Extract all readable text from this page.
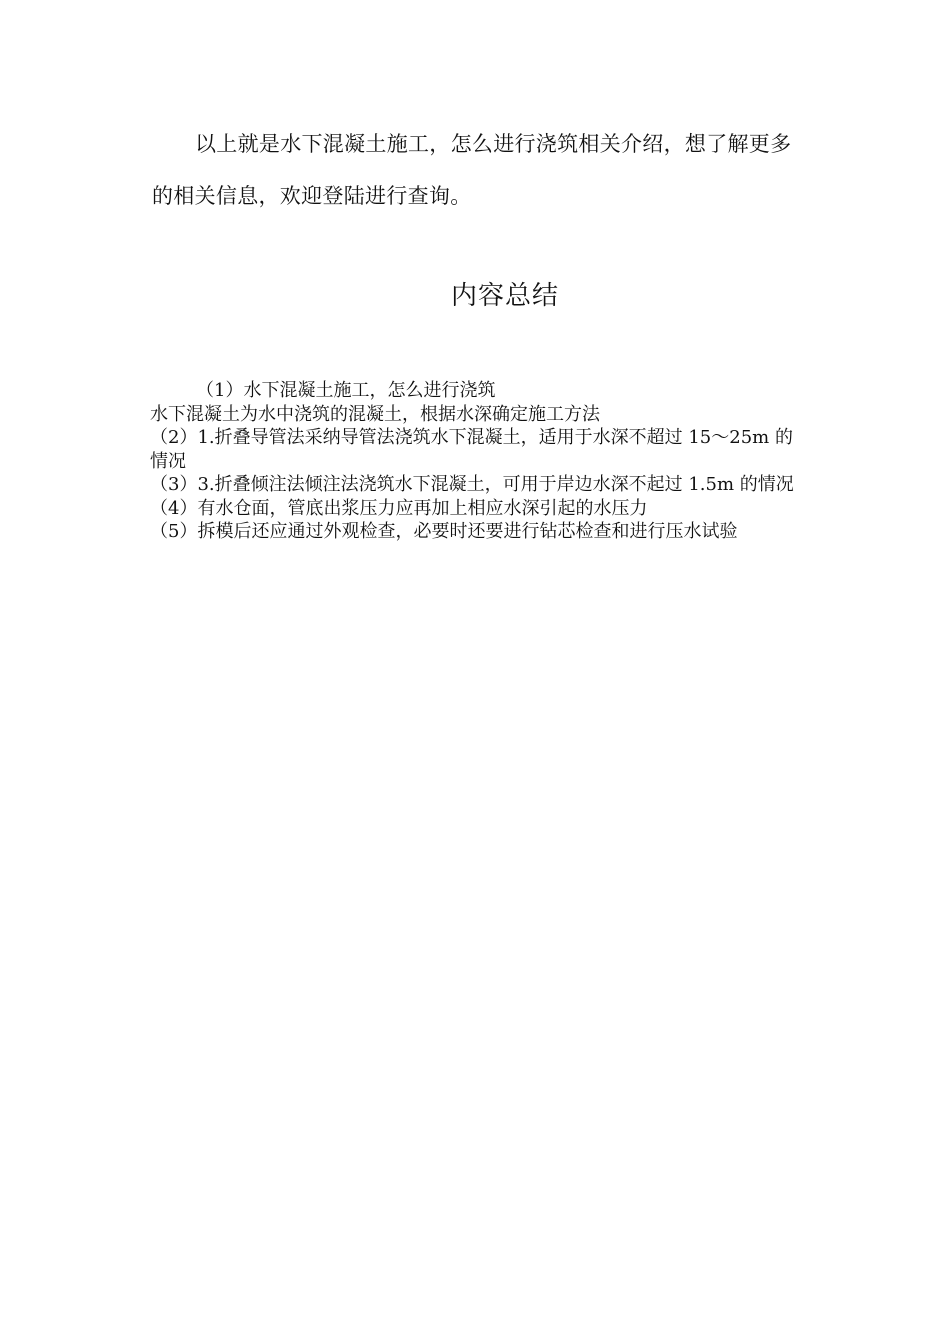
以上就是水下混凝土施工，怎么进行浇筑相关介绍，想了解更多的相关信息，欢迎登陆进行查询。

内容总结
（1）水下混凝土施工，怎么进行浇筑
水下混凝土为水中浇筑的混凝土，根据水深确定施工方法
（2）1.折叠导管法采纳导管法浇筑水下混凝土，适用于水深不超过 15～25m 的情况
（3）3.折叠倾注法倾注法浇筑水下混凝土，可用于岸边水深不起过 1.5m 的情况
（4）有水仓面，管底出浆压力应再加上相应水深引起的水压力
（5）拆模后还应通过外观检查，必要时还要进行钻芯检查和进行压水试验
